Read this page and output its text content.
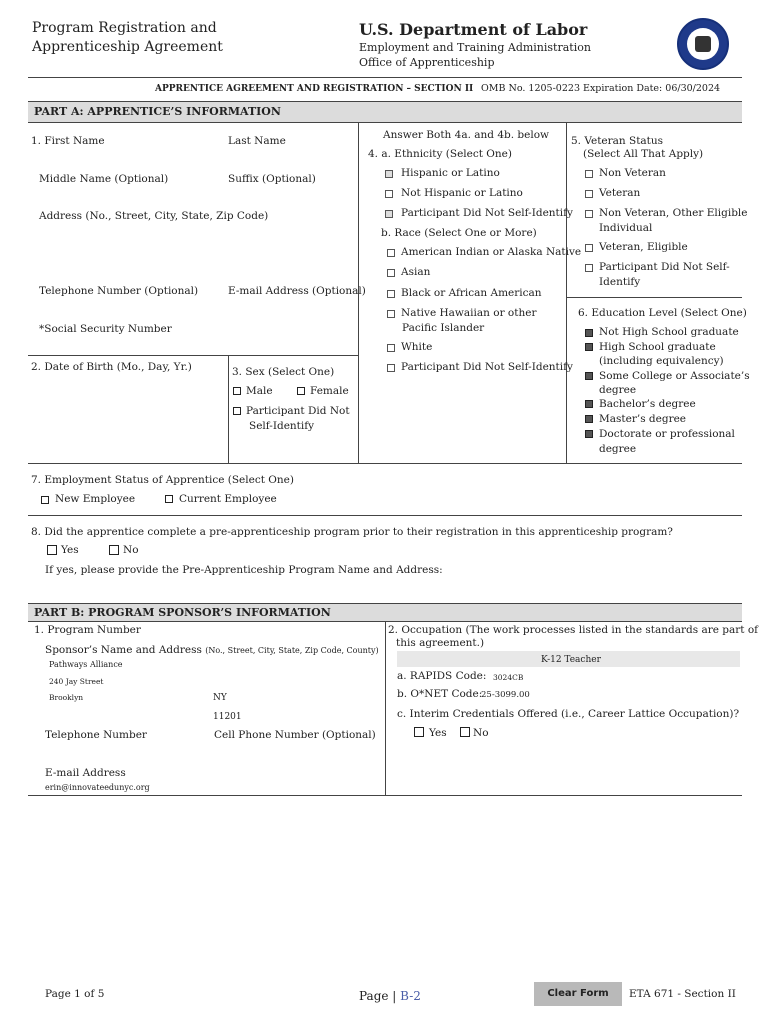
Program Registration and
Apprenticeship Agreement
U.S. Department of Labor
Employment and Training Administration
Office of Apprenticeship
APPRENTICE AGREEMENT AND REGISTRATION – SECTION II OMB No. 1205-0223 Expiration Date: 06/30/2024
PART A: APPRENTICE’S INFORMATION
1. First Name	Last Name
Middle Name (Optional)	Suffix (Optional)
Address (No., Street, City, State, Zip Code)
Telephone Number (Optional)	E-mail Address (Optional)
*Social Security Number
2. Date of Birth (Mo., Day, Yr.)	3. Sex (Select One)
Male	Female
Participant Did Not
Self-Identify
Answer Both 4a. and 4b. below
4. a. Ethnicity (Select One)
Hispanic or Latino
Not Hispanic or Latino
Participant Did Not Self-Identify
b. Race (Select One or More)
American Indian or Alaska Native
Asian
Black or African American
Native Hawaiian or other
Pacific Islander
White
Participant Did Not Self-Identify
5. Veteran Status
(Select All That Apply)
Non Veteran
Veteran
Non Veteran, Other Eligible
Individual
Veteran, Eligible
Participant Did Not Self-
Identify
6. Education Level (Select One)
Not High School graduate
High School graduate
(including equivalency)
Some College or Associate’s
degree
Bachelor’s degree
Master’s degree
Doctorate or professional
degree
7. Employment Status of Apprentice (Select One)
New Employee	Current Employee
8. Did the apprentice complete a pre-apprenticeship program prior to their registration in this apprenticeship program?
Yes	No
If yes, please provide the Pre-Apprenticeship Program Name and Address:
PART B: PROGRAM SPONSOR’S INFORMATION
1. Program Number
Sponsor’s Name and Address (No., Street, City, State, Zip Code, County)
Pathways Alliance
240 Jay Street
Brooklyn	NY
11201
Telephone Number	Cell Phone Number (Optional)
E-mail Address
erin@innovateedunyc.org
2. Occupation (The work processes listed in the standards are part of
this agreement.)
K-12 Teacher
a. RAPIDS Code: 3024CB
b. O*NET Code:
25-3099.00
c. Interim Credentials Offered (i.e., Career Lattice Occupation)?
Yes	No
Page 1 of 5	Page | B-2	Clear Form	ETA 671 - Section II
